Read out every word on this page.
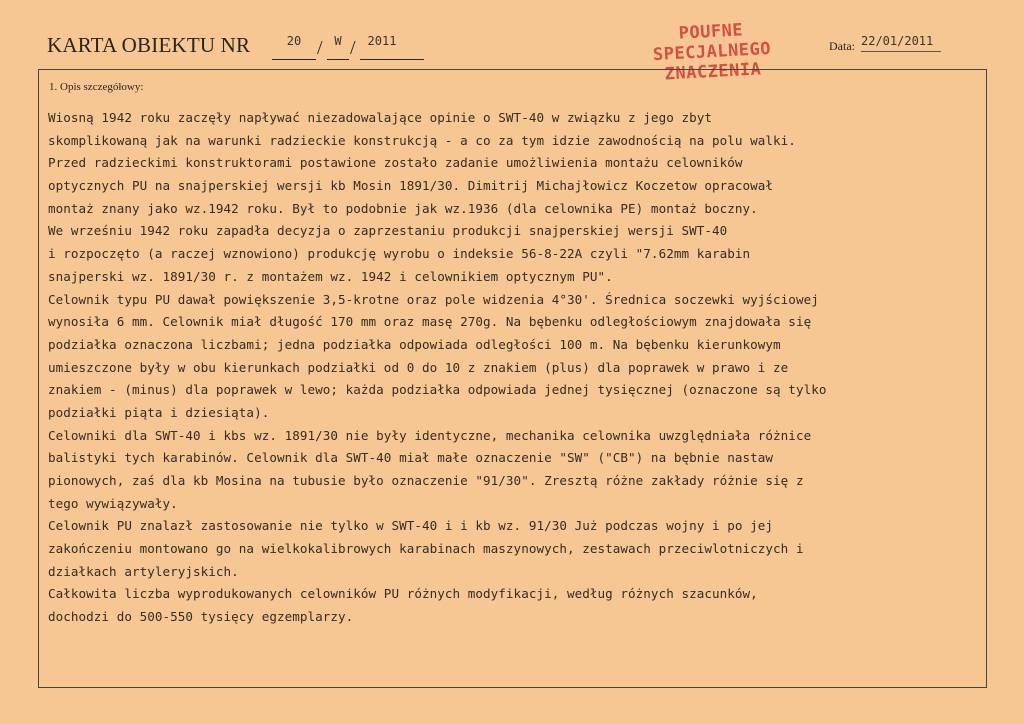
KARTA OBIEKTU NR	20 / W / 2011	POUFNE
SPECJALNEGO
ZNACZENIA
Data: 22/01/2011
1. Opis szczegółowy:
Wiosną 1942 roku zaczęły napływać niezadowalające opinie o SWT-40 w związku z jego zbyt
skomplikowaną jak na warunki radzieckie konstrukcją - a co za tym idzie zawodnością na polu walki.
Przed radzieckimi konstruktorami postawione zostało zadanie umożliwienia montażu celowników
optycznych PU na snajperskiej wersji kb Mosin 1891/30. Dimitrij Michajłowicz Koczetow opracował
montaż znany jako wz.1942 roku. Był to podobnie jak wz.1936 (dla celownika PE) montaż boczny.
We wrześniu 1942 roku zapadła decyzja o zaprzestaniu produkcji snajperskiej wersji SWT-40
i rozpoczęto (a raczej wznowiono) produkcję wyrobu o indeksie 56-8-22A czyli "7.62mm karabin
snajperski wz. 1891/30 r. z montażem wz. 1942 i celownikiem optycznym PU".
Celownik typu PU dawał powiększenie 3,5-krotne oraz pole widzenia 4°30'. Średnica soczewki wyjściowej
wynosiła 6 mm. Celownik miał długość 170 mm oraz masę 270g. Na bębenku odległościowym znajdowała się
podziałka oznaczona liczbami; jedna podziałka odpowiada odległości 100 m. Na bębenku kierunkowym
umieszczone były w obu kierunkach podziałki od 0 do 10 z znakiem (plus) dla poprawek w prawo i ze
znakiem - (minus) dla poprawek w lewo; każda podziałka odpowiada jednej tysięcznej (oznaczone są tylko
podziałki piąta i dziesiąta).
Celowniki dla SWT-40 i kbs wz. 1891/30 nie były identyczne, mechanika celownika uwzględniała różnice
balistyki tych karabinów. Celownik dla SWT-40 miał małe oznaczenie "SW" ("CB") na bębnie nastaw
pionowych, zaś dla kb Mosina na tubusie było oznaczenie "91/30". Zresztą różne zakłady różnie się z
tego wywiązywały.
Celownik PU znalazł zastosowanie nie tylko w SWT-40 i i kb wz. 91/30 Już podczas wojny i po jej
zakończeniu montowano go na wielkokalibrowych karabinach maszynowych, zestawach przeciwlotniczych i
działkach artyleryjskich.
Całkowita liczba wyprodukowanych celowników PU różnych modyfikacji, według różnych szacunków,
dochodzi do 500-550 tysięcy egzemplarzy.
